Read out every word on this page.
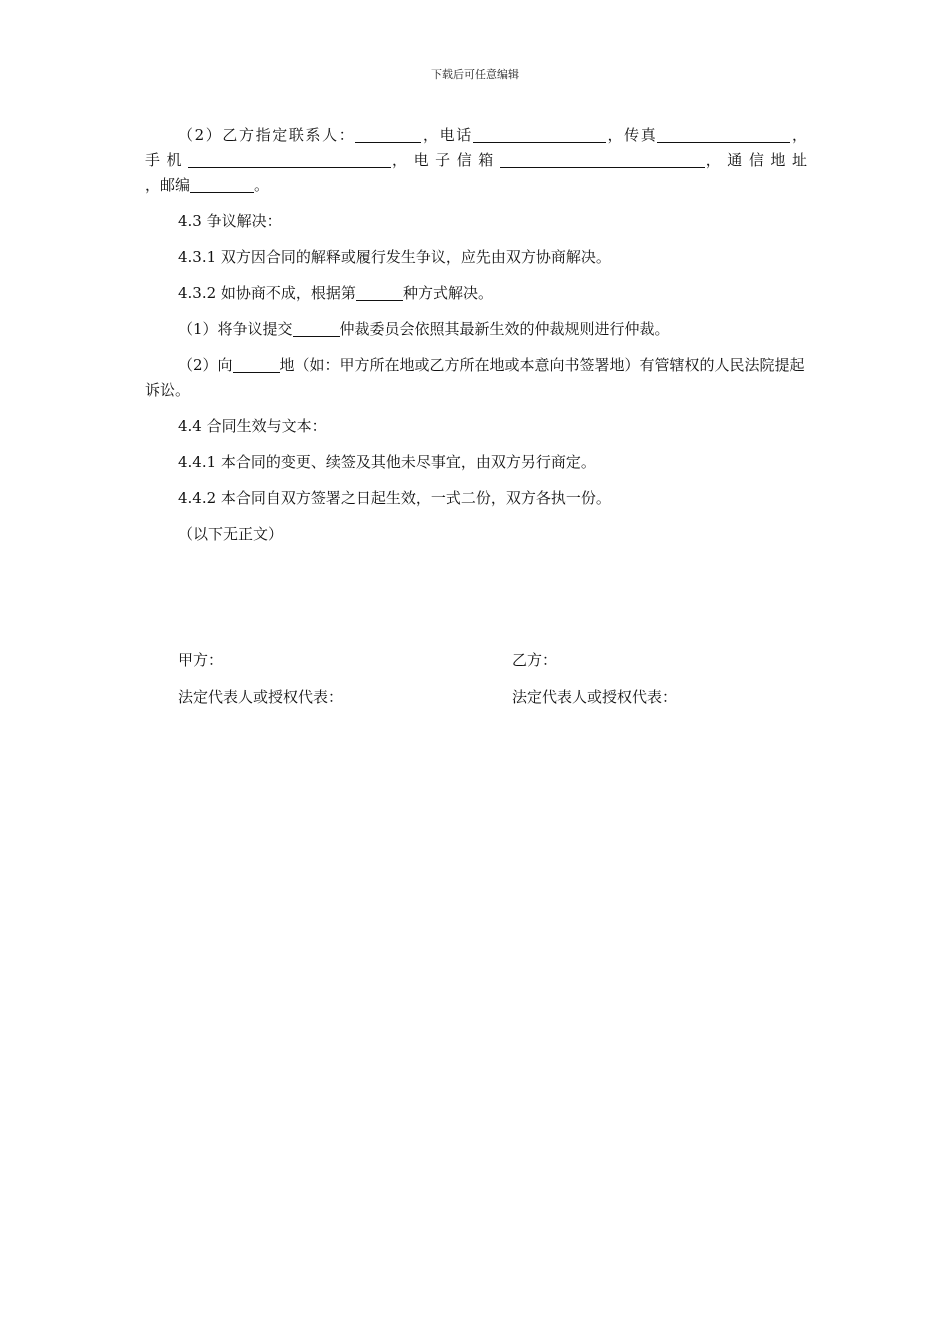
下载后可任意编辑

（2）乙方指定联系人：	，电话	，传真	，

手 机	， 电 子 信 箱	， 通 信 地 址

，邮编	。

4.3 争议解决：

4.3.1 双方因合同的解释或履行发生争议，应先由双方协商解决。

4.3.2 如协商不成，根据第	种方式解决。

（1）将争议提交	仲裁委员会依照其最新生效的仲裁规则进行仲裁。

（2）向	地（如：甲方所在地或乙方所在地或本意向书签署地）有管辖权的人民法院提起诉讼。

4.4 合同生效与文本：

4.4.1 本合同的变更、续签及其他未尽事宜，由双方另行商定。

4.4.2 本合同自双方签署之日起生效，一式二份，双方各执一份。

（以下无正文）

甲方：	乙方：
法定代表人或授权代表：	法定代表人或授权代表：
